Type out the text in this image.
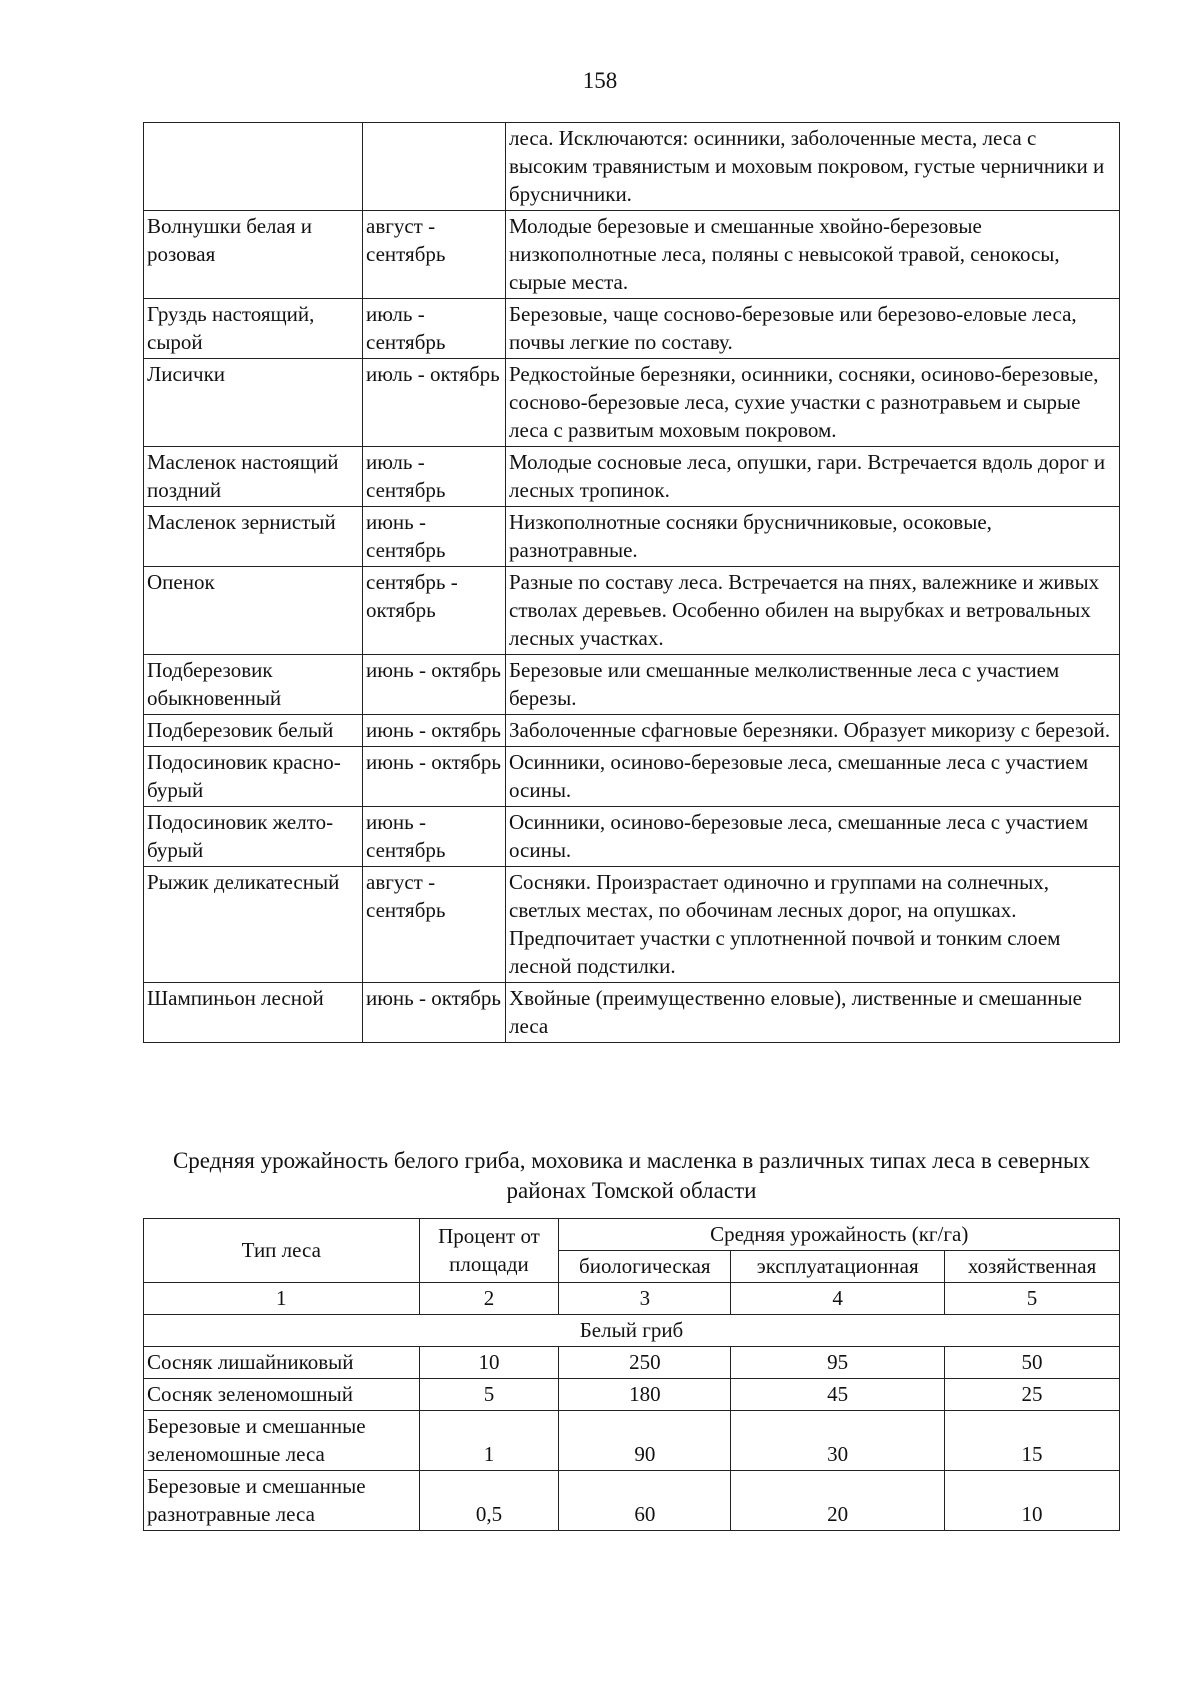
158
		леса. Исключаются: осинники, заболоченные места, леса с высоким травянистым и моховым покровом, густые черничники и брусничники.
Волнушки белая и розовая	август - сентябрь	Молодые березовые и смешанные хвойно-березовые низкополнотные леса, поляны с невысокой травой, сенокосы, сырые места.
Груздь настоящий, сырой	июль - сентябрь	Березовые, чаще сосново-березовые или березово-еловые леса, почвы легкие по составу.
Лисички	июль - октябрь	Редкостойные березняки, осинники, сосняки, осиново-березовые, сосново-березовые леса, сухие участки с разнотравьем и сырые леса с развитым моховым покровом.
Масленок настоящий поздний	июль - сентябрь	Молодые сосновые леса, опушки, гари. Встречается вдоль дорог и лесных тропинок.
Масленок зернистый	июнь - сентябрь	Низкополнотные сосняки брусничниковые, осоковые, разнотравные.
Опенок	сентябрь - октябрь	Разные по составу леса. Встречается на пнях, валежнике и живых стволах деревьев. Особенно обилен на вырубках и ветровальных лесных участках.
Подберезовик обыкновенный	июнь - октябрь	Березовые или смешанные мелколиственные леса с участием березы.
Подберезовик белый	июнь - октябрь	Заболоченные сфагновые березняки. Образует микоризу с березой.
Подосиновик красно-бурый	июнь - октябрь	Осинники, осиново-березовые леса, смешанные леса с участием осины.
Подосиновик желто-бурый	июнь - сентябрь	Осинники, осиново-березовые леса, смешанные леса с участием осины.
Рыжик деликатесный	август - сентябрь	Сосняки. Произрастает одиночно и группами на солнечных, светлых местах, по обочинам лесных дорог, на опушках. Предпочитает участки с уплотненной почвой и тонким слоем лесной подстилки.
Шампиньон лесной	июнь - октябрь	Хвойные (преимущественно еловые), лиственные и смешанные леса
Средняя урожайность белого гриба, моховика и масленка в различных типах леса в северных районах Томской области
Тип леса	Процент от площади	Средняя урожайность (кг/га)		
		биологическая	эксплуатационная	хозяйственная
1	2	3	4	5
Белый гриб				
Сосняк лишайниковый	10	250	95	50
Сосняк зеленомошный	5	180	45	25
Березовые и смешанные зеленомошные леса	1	90	30	15
Березовые и смешанные разнотравные леса	0,5	60	20	10
